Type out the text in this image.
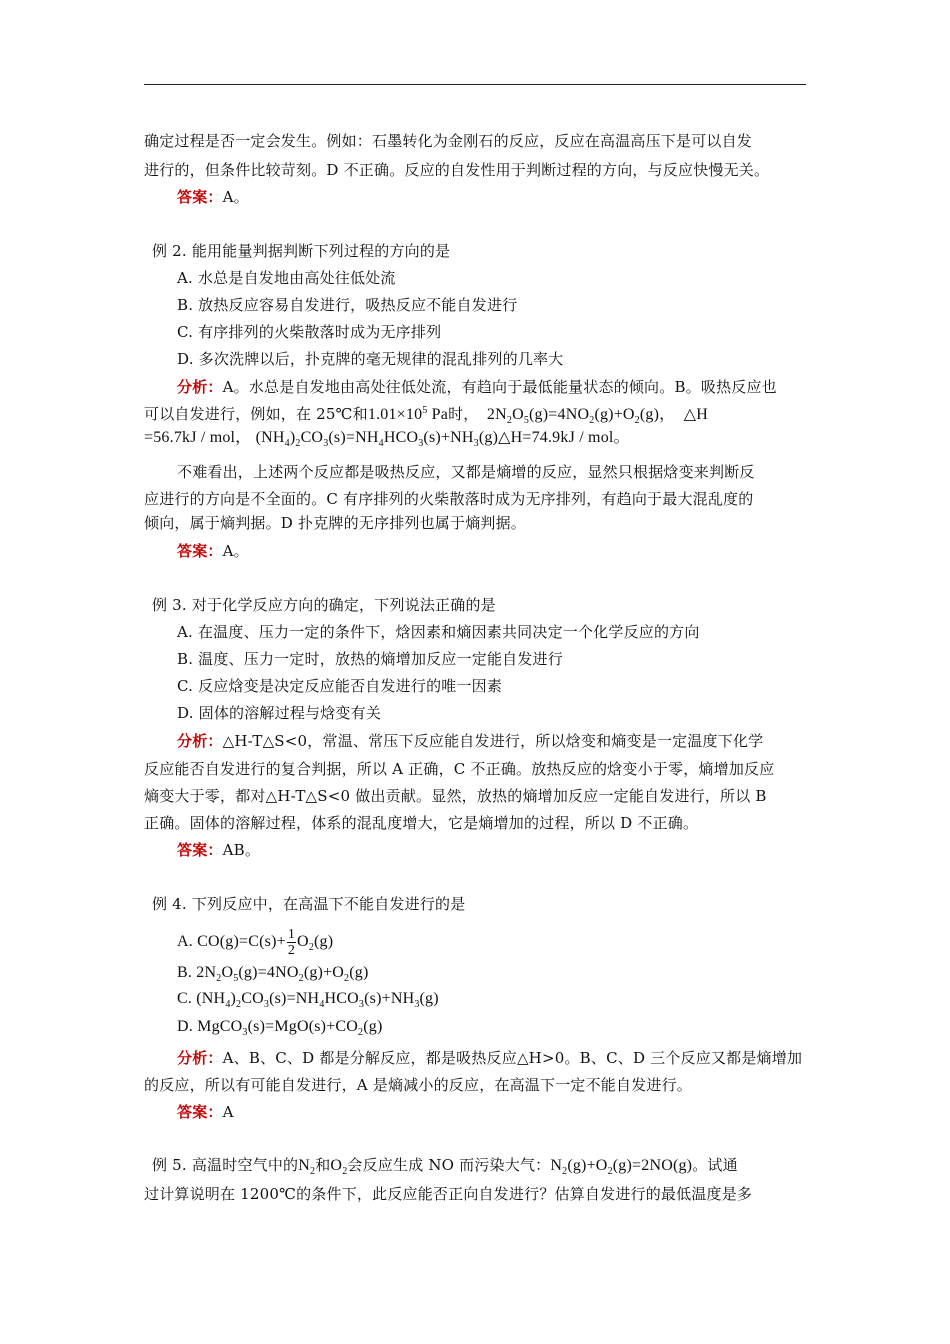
确定过程是否一定会发生。例如：石墨转化为金刚石的反应，反应在高温高压下是可以自发
进行的，但条件比较苛刻。D 不正确。反应的自发性用于判断过程的方向，与反应快慢无关。
答案：A。
例 2. 能用能量判据判断下列过程的方向的是
A. 水总是自发地由高处往低处流
B. 放热反应容易自发进行，吸热反应不能自发进行
C. 有序排列的火柴散落时成为无序排列
D. 多次洗牌以后，扑克牌的毫无规律的混乱排列的几率大
分析：A。水总是自发地由高处往低处流，有趋向于最低能量状态的倾向。B。吸热反应也
可以自发进行，例如，在 25℃和$1.01\times 10^5$ Pa时，  $2N_2O_5(g)=4NO_2(g)+O_2(g)$，  △H
=56.7kJ / mol， $(NH_4)_2CO_3(s)=NH_4HCO_3(s)+NH_3(g)\triangle H=74.9kJ$ / mol。
不难看出，上述两个反应都是吸热反应，又都是熵增的反应，显然只根据焓变来判断反
应进行的方向是不全面的。C 有序排列的火柴散落时成为无序排列，有趋向于最大混乱度的
倾向，属于熵判据。D 扑克牌的无序排列也属于熵判据。
答案：A。
例 3. 对于化学反应方向的确定，下列说法正确的是
A. 在温度、压力一定的条件下，焓因素和熵因素共同决定一个化学反应的方向
B. 温度、压力一定时，放热的熵增加反应一定能自发进行
C. 反应焓变是决定反应能否自发进行的唯一因素
D. 固体的溶解过程与焓变有关
分析：△H-T△S<0，常温、常压下反应能自发进行，所以焓变和熵变是一定温度下化学
反应能否自发进行的复合判据，所以 A 正确，C 不正确。放热反应的焓变小于零，熵增加反应
熵变大于零，都对△H-T△S<0 做出贡献。显然，放热的熵增加反应一定能自发进行，所以 B
正确。固体的溶解过程，体系的混乱度增大，它是熵增加的过程，所以 D 不正确。
答案：AB。
例 4. 下列反应中，在高温下不能自发进行的是
A. $CO(g)=C(s)+ \frac{1}{2} O_2(g)$
B. $2N_2O_5(g)=4NO_2(g)+O_2(g)$
C. $(NH_4)_2CO_3(s)=NH_4HCO_3(s)+NH_3(g)$
D. $MgCO_3(s)=MgO(s)+CO_2(g)$
分析：A、B、C、D 都是分解反应，都是吸热反应△H>0。B、C、D 三个反应又都是熵增加
的反应，所以有可能自发进行，A 是熵减小的反应，在高温下一定不能自发进行。
答案：A
例 5. 高温时空气中的$N_2$和$O_2$会反应生成 NO 而污染大气：$N_2(g)+O_2(g)=2NO(g)$。试通
过计算说明在 1200℃的条件下，此反应能否正向自发进行？估算自发进行的最低温度是多
